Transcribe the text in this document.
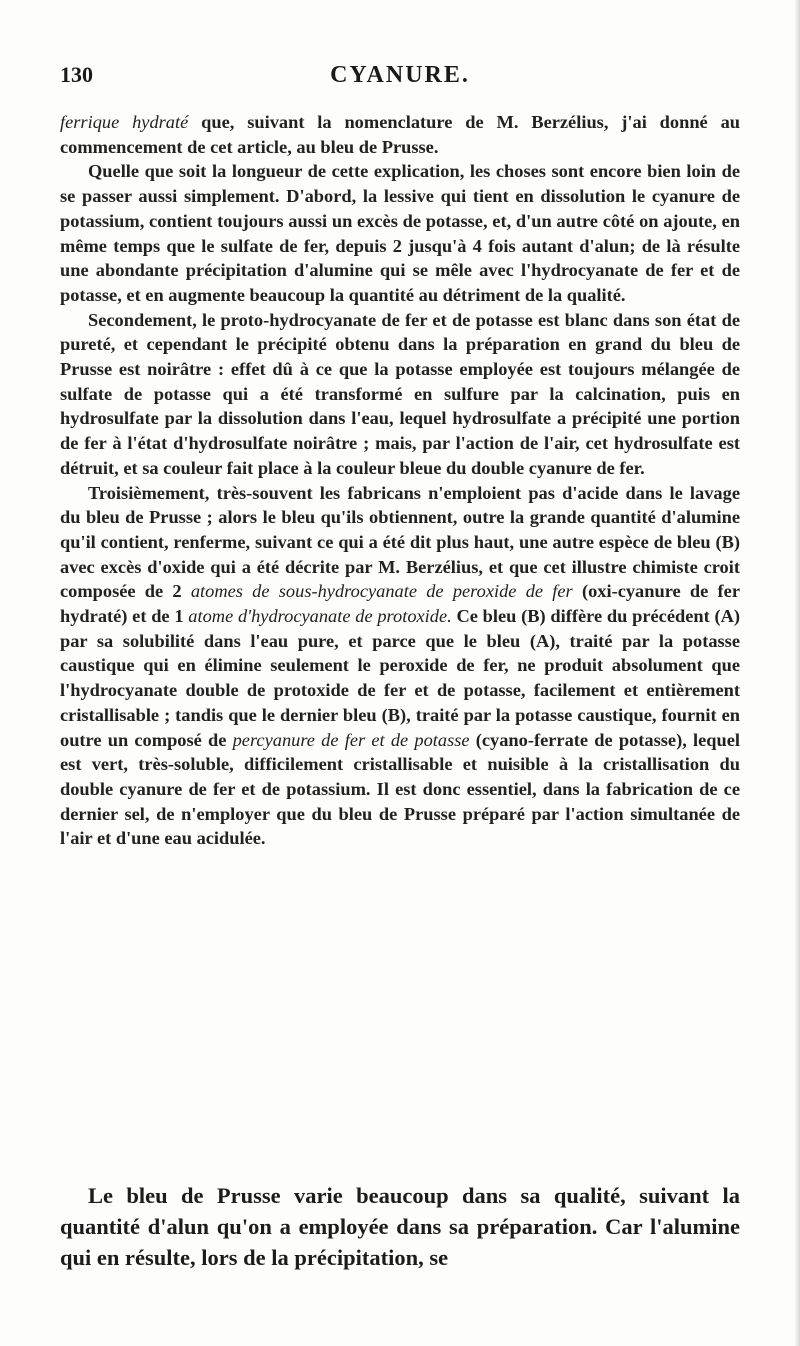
130	CYANURE.

ferrique hydraté que, suivant la nomenclature de M. Berzélius, j'ai donné au commencement de cet article, au bleu de Prusse.

Quelle que soit la longueur de cette explication, les choses sont encore bien loin de se passer aussi simplement. D'abord, la lessive qui tient en dissolution le cyanure de potassium, contient toujours aussi un excès de potasse, et, d'un autre côté on ajoute, en même temps que le sulfate de fer, depuis 2 jusqu'à 4 fois autant d'alun; de là résulte une abondante précipitation d'alumine qui se mêle avec l'hydrocyanate de fer et de potasse, et en augmente beaucoup la quantité au détriment de la qualité.

Secondement, le proto-hydrocyanate de fer et de potasse est blanc dans son état de pureté, et cependant le précipité obtenu dans la préparation en grand du bleu de Prusse est noirâtre : effet dû à ce que la potasse employée est toujours mélangée de sulfate de potasse qui a été transformé en sulfure par la calcination, puis en hydrosulfate par la dissolution dans l'eau, lequel hydrosulfate a précipité une portion de fer à l'état d'hydrosulfate noirâtre ; mais, par l'action de l'air, cet hydrosulfate est détruit, et sa couleur fait place à la couleur bleue du double cyanure de fer.

Troisièmement, très-souvent les fabricans n'emploient pas d'acide dans le lavage du bleu de Prusse ; alors le bleu qu'ils obtiennent, outre la grande quantité d'alumine qu'il contient, renferme, suivant ce qui a été dit plus haut, une autre espèce de bleu (B) avec excès d'oxide qui a été décrite par M. Berzélius, et que cet illustre chimiste croit composée de 2 atomes de sous-hydrocyanate de peroxide de fer (oxi-cyanure de fer hydraté) et de 1 atome d'hydrocyanate de protoxide. Ce bleu (B) diffère du précédent (A) par sa solubilité dans l'eau pure, et parce que le bleu (A), traité par la potasse caustique qui en élimine seulement le peroxide de fer, ne produit absolument que l'hydrocyanate double de protoxide de fer et de potasse, facilement et entièrement cristallisable ; tandis que le dernier bleu (B), traité par la potasse caustique, fournit en outre un composé de percyanure de fer et de potasse (cyano-ferrate de potasse), lequel est vert, très-soluble, difficilement cristallisable et nuisible à la cristallisation du double cyanure de fer et de potassium. Il est donc essentiel, dans la fabrication de ce dernier sel, de n'employer que du bleu de Prusse préparé par l'action simultanée de l'air et d'une eau acidulée.

Le bleu de Prusse varie beaucoup dans sa qualité, suivant la quantité d'alun qu'on a employée dans sa préparation. Car l'alumine qui en résulte, lors de la précipitation, se
